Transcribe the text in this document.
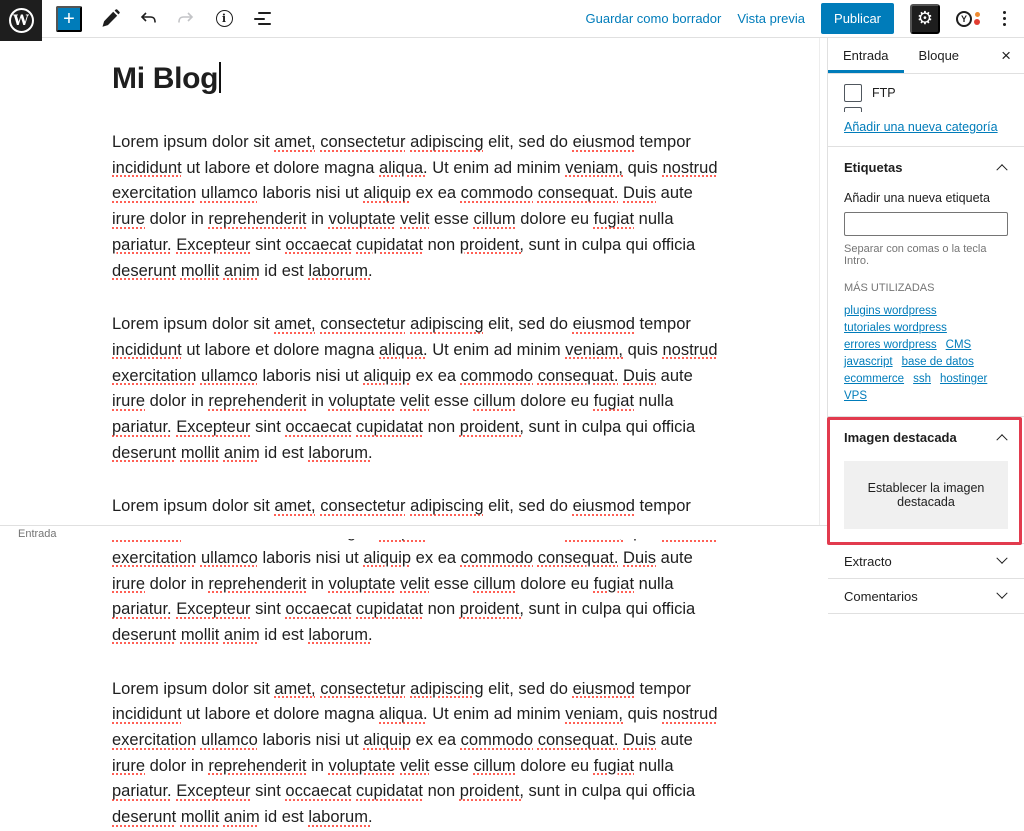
+	i	Guardar como borrador Vista previa	Publicar	⚙	Y
W
Mi Blog

Lorem ipsum dolor sit amet, consectetur adipiscing elit, sed do eiusmod tempor incididunt ut labore et dolore magna aliqua. Ut enim ad minim veniam, quis nostrud exercitation ullamco laboris nisi ut aliquip ex ea commodo consequat. Duis aute irure dolor in reprehenderit in voluptate velit esse cillum dolore eu fugiat nulla pariatur. Excepteur sint occaecat cupidatat non proident, sunt in culpa qui officia deserunt mollit anim id est laborum.

Lorem ipsum dolor sit amet, consectetur adipiscing elit, sed do eiusmod tempor incididunt ut labore et dolore magna aliqua. Ut enim ad minim veniam, quis nostrud exercitation ullamco laboris nisi ut aliquip ex ea commodo consequat. Duis aute irure dolor in reprehenderit in voluptate velit esse cillum dolore eu fugiat nulla pariatur. Excepteur sint occaecat cupidatat non proident, sunt in culpa qui officia deserunt mollit anim id est laborum.

Lorem ipsum dolor sit amet, consectetur adipiscing elit, sed do eiusmod tempor exercitation ullamco laboris nisi ut aliquip ex ea commodo consequat. Duis aute irure dolor in reprehenderit in voluptate velit esse cillum dolore eu fugiat nulla pariatur. Excepteur sint occaecat cupidatat non proident, sunt in culpa qui officia deserunt mollit anim id est laborum.

Lorem ipsum dolor sit amet, consectetur adipiscing elit, sed do eiusmod tempor incididunt ut labore et dolore magna aliqua. Ut enim ad minim veniam, quis nostrud exercitation ullamco laboris nisi ut aliquip ex ea commodo consequat. Duis aute irure dolor in reprehenderit in voluptate velit esse cillum dolore eu fugiat nulla pariatur. Excepteur sint occaecat cupidatat non proident, sunt in culpa qui officia deserunt mollit anim id est laborum.

Entrada
Entrada Bloque ×
FTP
Añadir una nueva categoría
Etiquetas
Añadir una nueva etiqueta
Separar con comas o la tecla Intro.
MÁS UTILIZADAS
plugins wordpress
tutoriales wordpress
errores wordpress CMS
javascript base de datos
ecommerce ssh hostinger
VPS
Imagen destacada
Establecer la imagen destacada
Extracto
Comentarios
